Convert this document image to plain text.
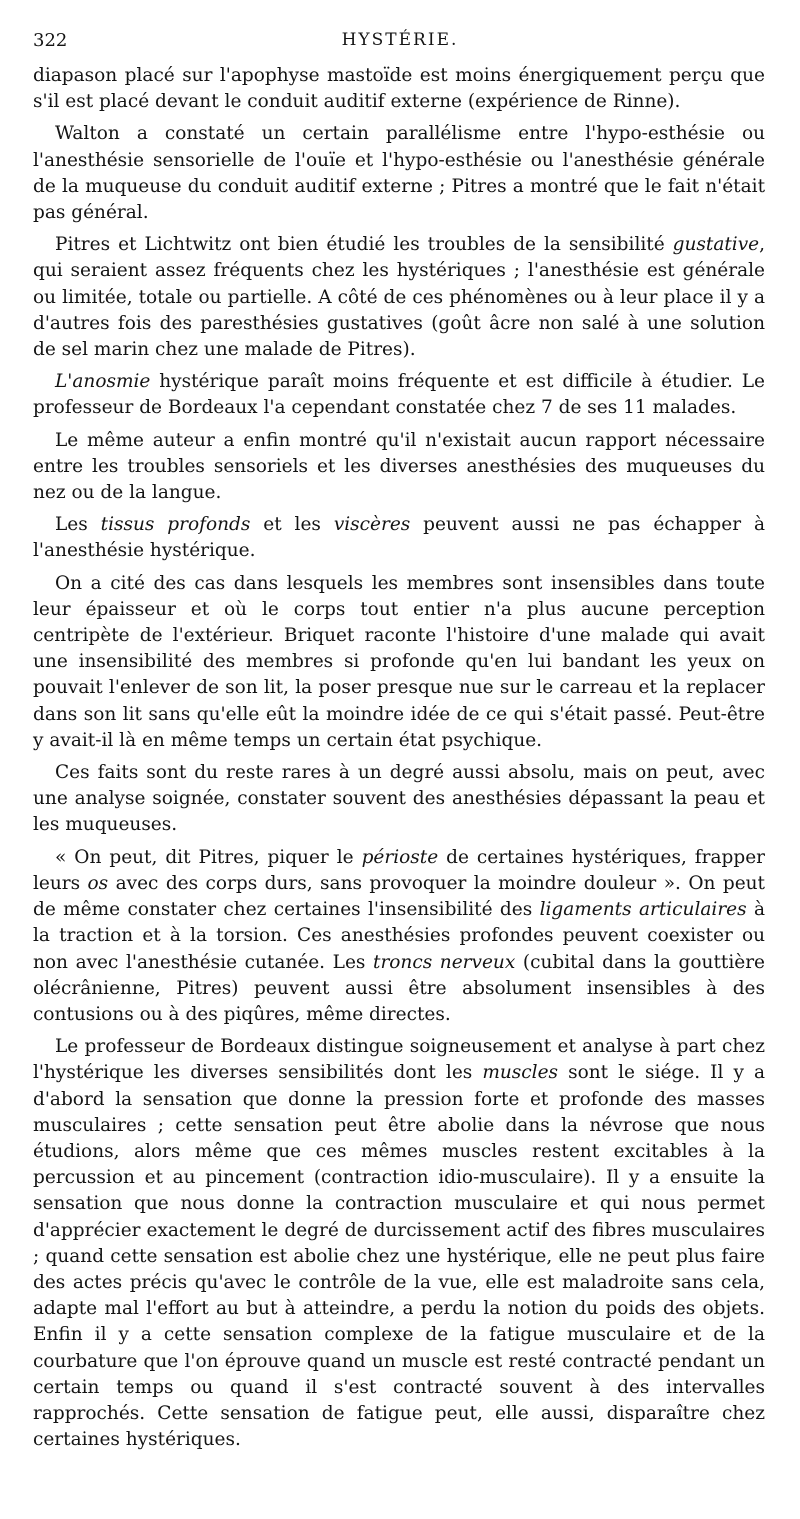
322	HYSTÉRIE.

diapason placé sur l'apophyse mastoïde est moins énergiquement perçu que s'il est placé devant le conduit auditif externe (expérience de Rinne).

Walton a constaté un certain parallélisme entre l'hypo-esthésie ou l'anesthésie sensorielle de l'ouïe et l'hypo-esthésie ou l'anesthésie générale de la muqueuse du conduit auditif externe ; Pitres a montré que le fait n'était pas général.

Pitres et Lichtwitz ont bien étudié les troubles de la sensibilité gustative, qui seraient assez fréquents chez les hystériques ; l'anesthésie est générale ou limitée, totale ou partielle. A côté de ces phénomènes ou à leur place il y a d'autres fois des paresthésies gustatives (goût âcre non salé à une solution de sel marin chez une malade de Pitres).

L'anosmie hystérique paraît moins fréquente et est difficile à étudier. Le professeur de Bordeaux l'a cependant constatée chez 7 de ses 11 malades.

Le même auteur a enfin montré qu'il n'existait aucun rapport nécessaire entre les troubles sensoriels et les diverses anesthésies des muqueuses du nez ou de la langue.

Les tissus profonds et les viscères peuvent aussi ne pas échapper à l'anesthésie hystérique.

On a cité des cas dans lesquels les membres sont insensibles dans toute leur épaisseur et où le corps tout entier n'a plus aucune perception centripète de l'extérieur. Briquet raconte l'histoire d'une malade qui avait une insensibilité des membres si profonde qu'en lui bandant les yeux on pouvait l'enlever de son lit, la poser presque nue sur le carreau et la replacer dans son lit sans qu'elle eût la moindre idée de ce qui s'était passé. Peut-être y avait-il là en même temps un certain état psychique.

Ces faits sont du reste rares à un degré aussi absolu, mais on peut, avec une analyse soignée, constater souvent des anesthésies dépassant la peau et les muqueuses.

« On peut, dit Pitres, piquer le périoste de certaines hystériques, frapper leurs os avec des corps durs, sans provoquer la moindre douleur ». On peut de même constater chez certaines l'insensibilité des ligaments articulaires à la traction et à la torsion. Ces anesthésies profondes peuvent coexister ou non avec l'anesthésie cutanée. Les troncs nerveux (cubital dans la gouttière olécrânienne, Pitres) peuvent aussi être absolument insensibles à des contusions ou à des piqûres, même directes.

Le professeur de Bordeaux distingue soigneusement et analyse à part chez l'hystérique les diverses sensibilités dont les muscles sont le siége. Il y a d'abord la sensation que donne la pression forte et profonde des masses musculaires ; cette sensation peut être abolie dans la névrose que nous étudions, alors même que ces mêmes muscles restent excitables à la percussion et au pincement (contraction idio-musculaire). Il y a ensuite la sensation que nous donne la contraction musculaire et qui nous permet d'apprécier exactement le degré de durcissement actif des fibres musculaires ; quand cette sensation est abolie chez une hystérique, elle ne peut plus faire des actes précis qu'avec le contrôle de la vue, elle est maladroite sans cela, adapte mal l'effort au but à atteindre, a perdu la notion du poids des objets. Enfin il y a cette sensation complexe de la fatigue musculaire et de la courbature que l'on éprouve quand un muscle est resté contracté pendant un certain temps ou quand il s'est contracté souvent à des intervalles rapprochés. Cette sensation de fatigue peut, elle aussi, disparaître chez certaines hystériques.
